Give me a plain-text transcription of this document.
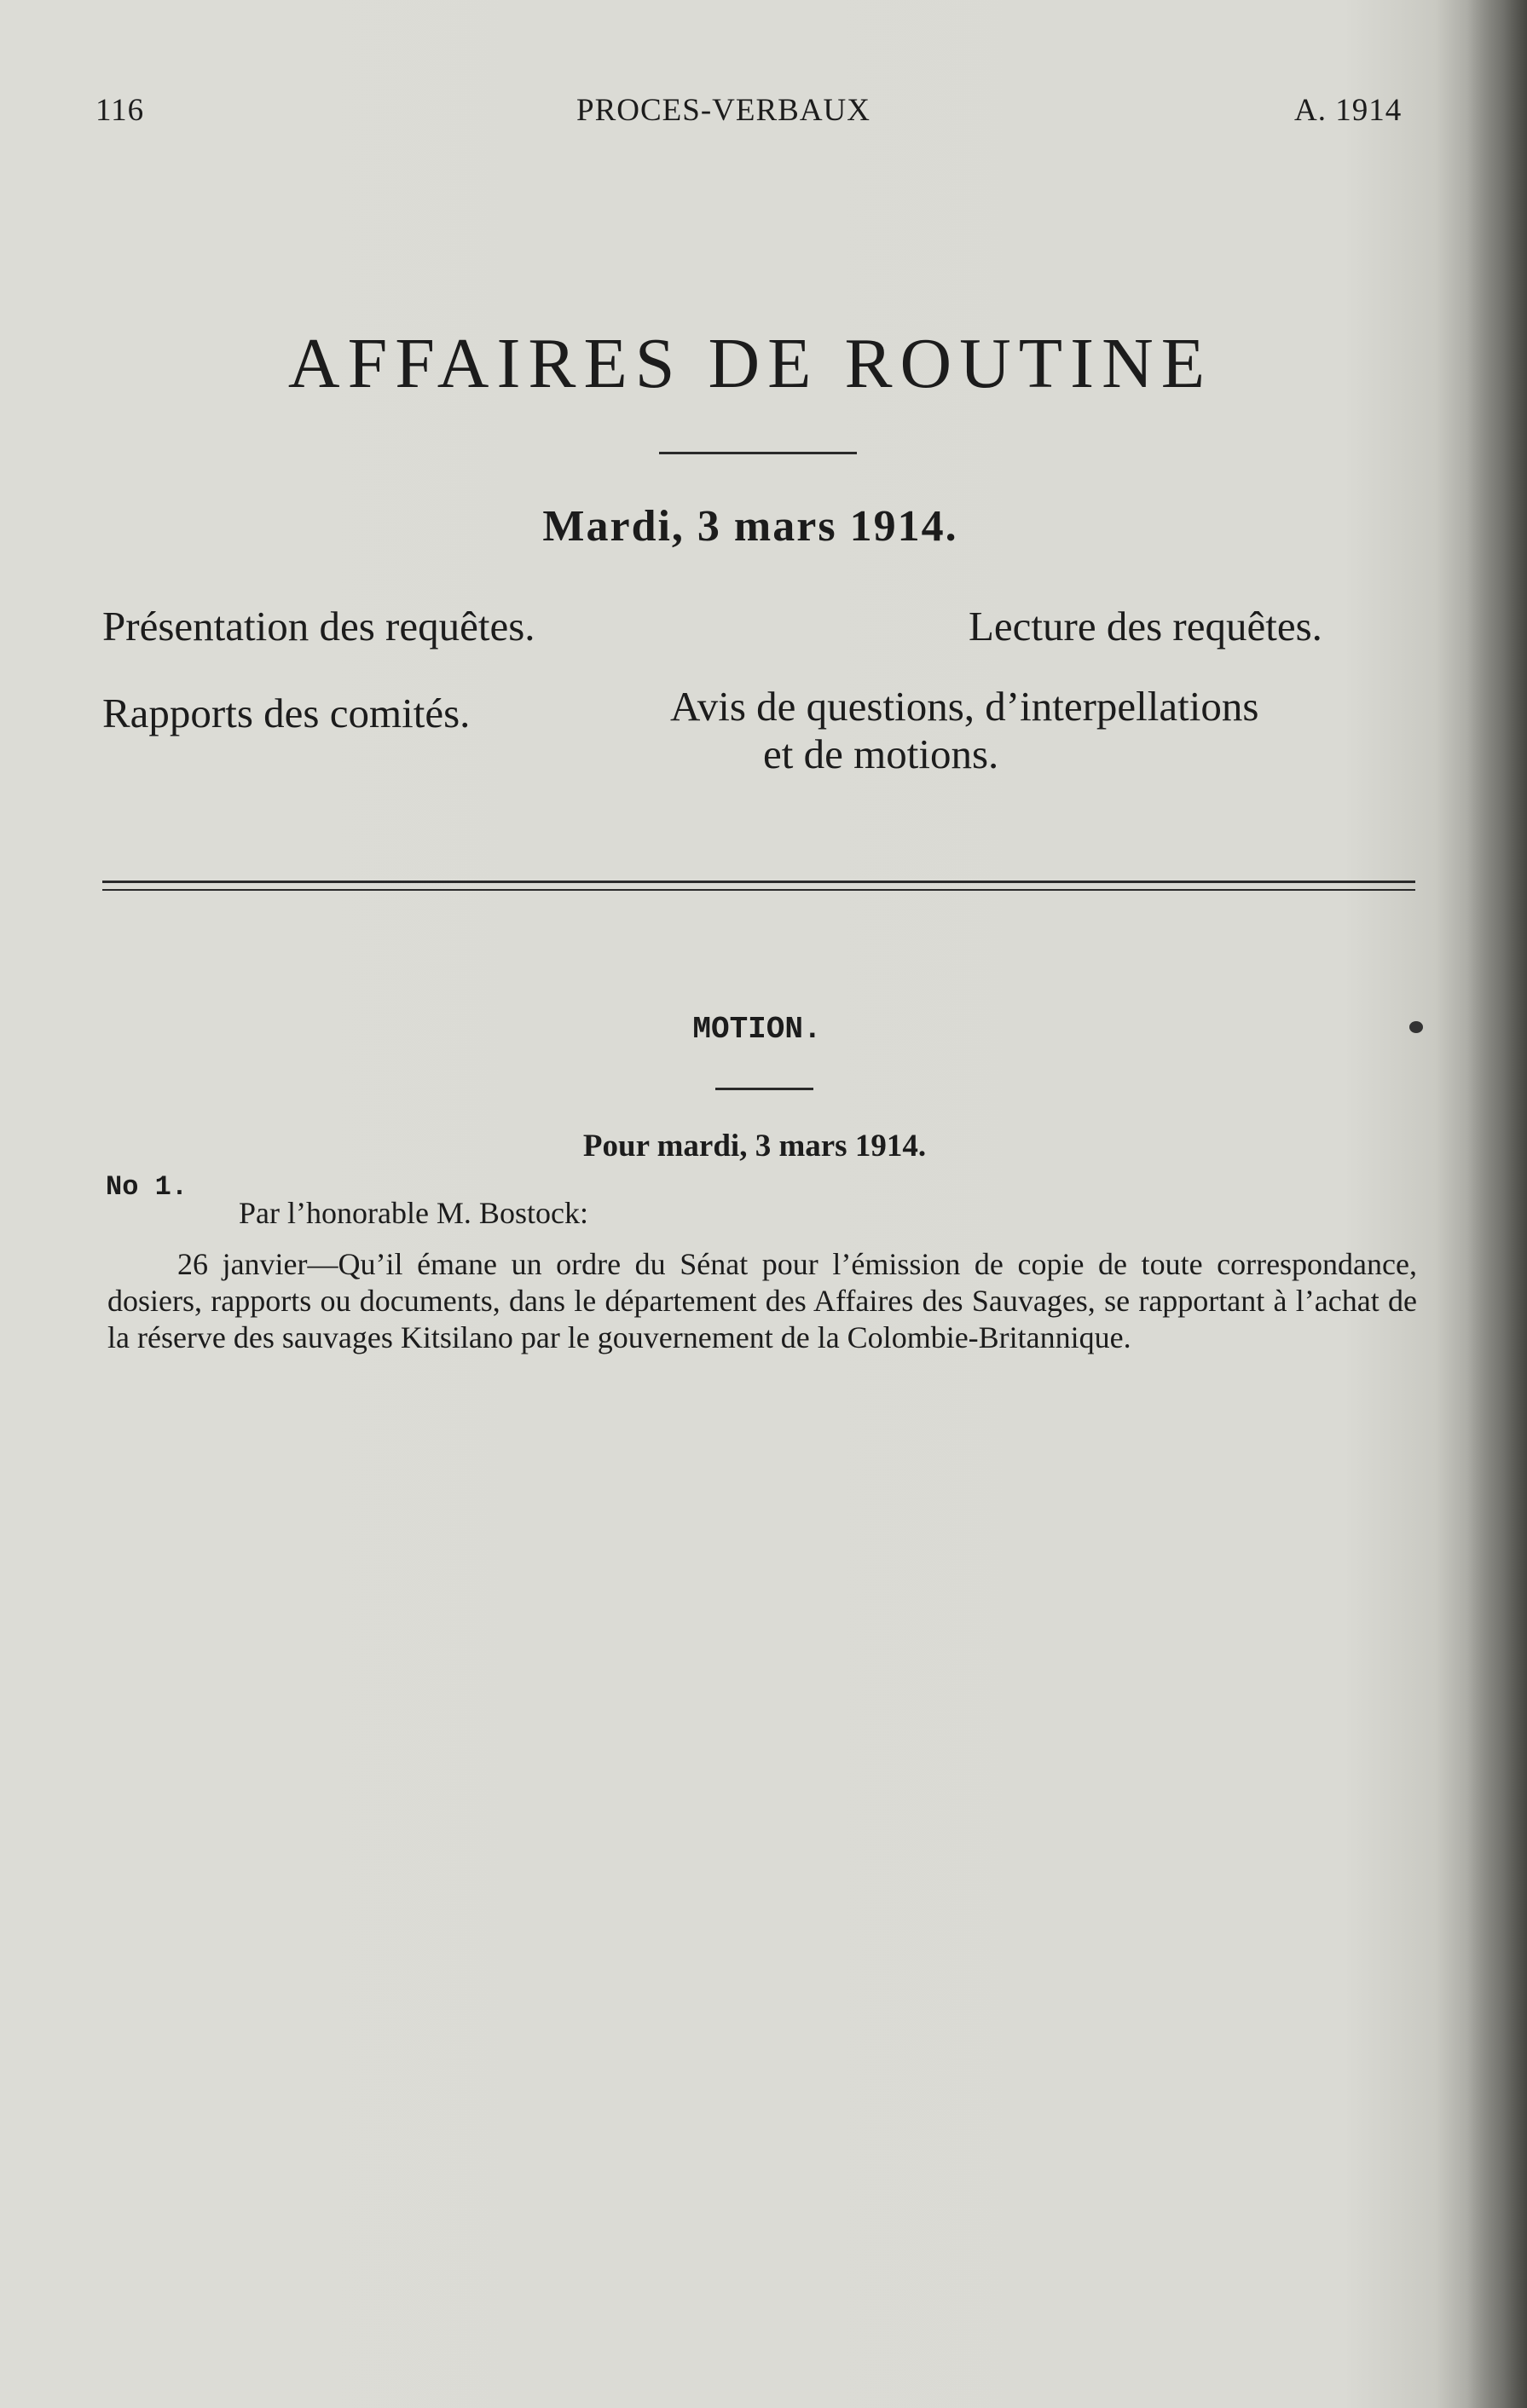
116	PROCES-VERBAUX	A. 1914
AFFAIRES DE ROUTINE
Mardi, 3 mars 1914.
Présentation des requêtes.	Lecture des requêtes.
Rapports des comités.	Avis de questions, d’interpellations
et de motions.
MOTION.
Pour mardi, 3 mars 1914.
No 1.
Par l’honorable M. Bostock:
26 janvier—Qu’il émane un ordre du Sénat pour l’émission de copie de toute correspondance, dosiers, rapports ou documents, dans le département des Affaires des Sauvages, se rapportant à l’achat de la réserve des sauvages Kitsilano par le gouvernement de la Colombie-Britannique.
